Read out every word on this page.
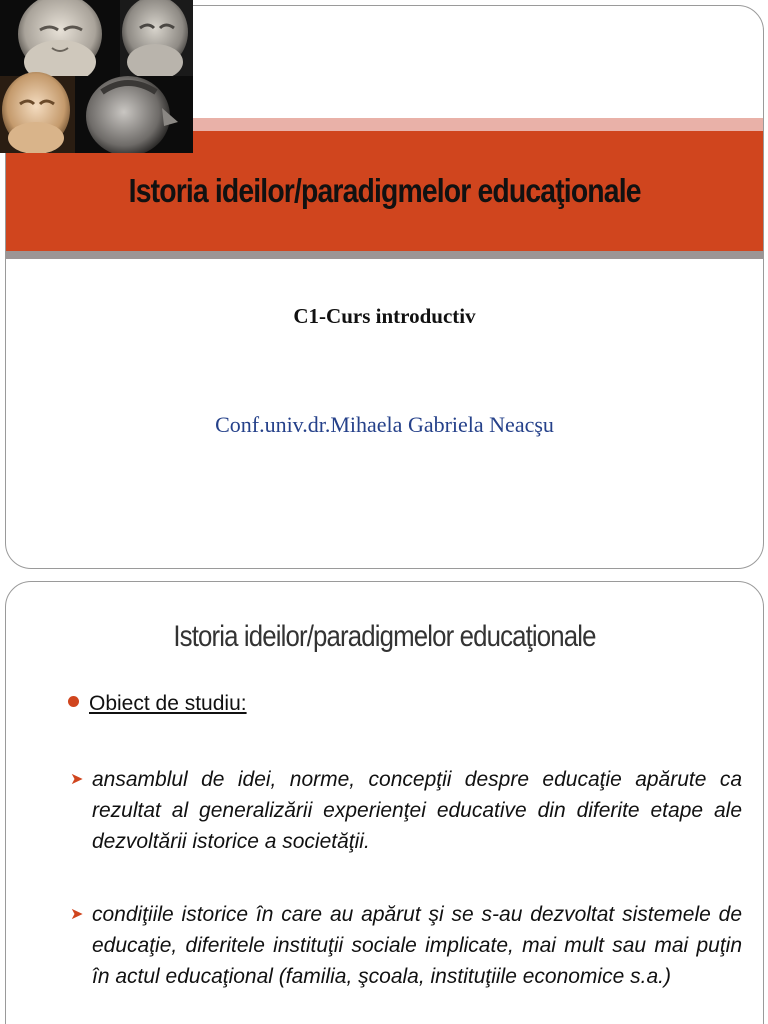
Istoria ideilor/paradigmelor educaţionale
C1-Curs introductiv
Conf.univ.dr.Mihaela Gabriela Neacşu
Istoria ideilor/paradigmelor educaţionale
Obiect de studiu:
➤ ansamblul de idei, norme, concepţii despre educaţie apărute ca rezultat al generalizării experienţei educative din diferite etape ale dezvoltării istorice a societăţii.
➤ condiţiile istorice în care au apărut şi se s-au dezvoltat sistemele de educaţie, diferitele instituţii sociale implicate, mai mult sau mai puţin în actul educaţional (familia, şcoala, instituţiile economice s.a.)
